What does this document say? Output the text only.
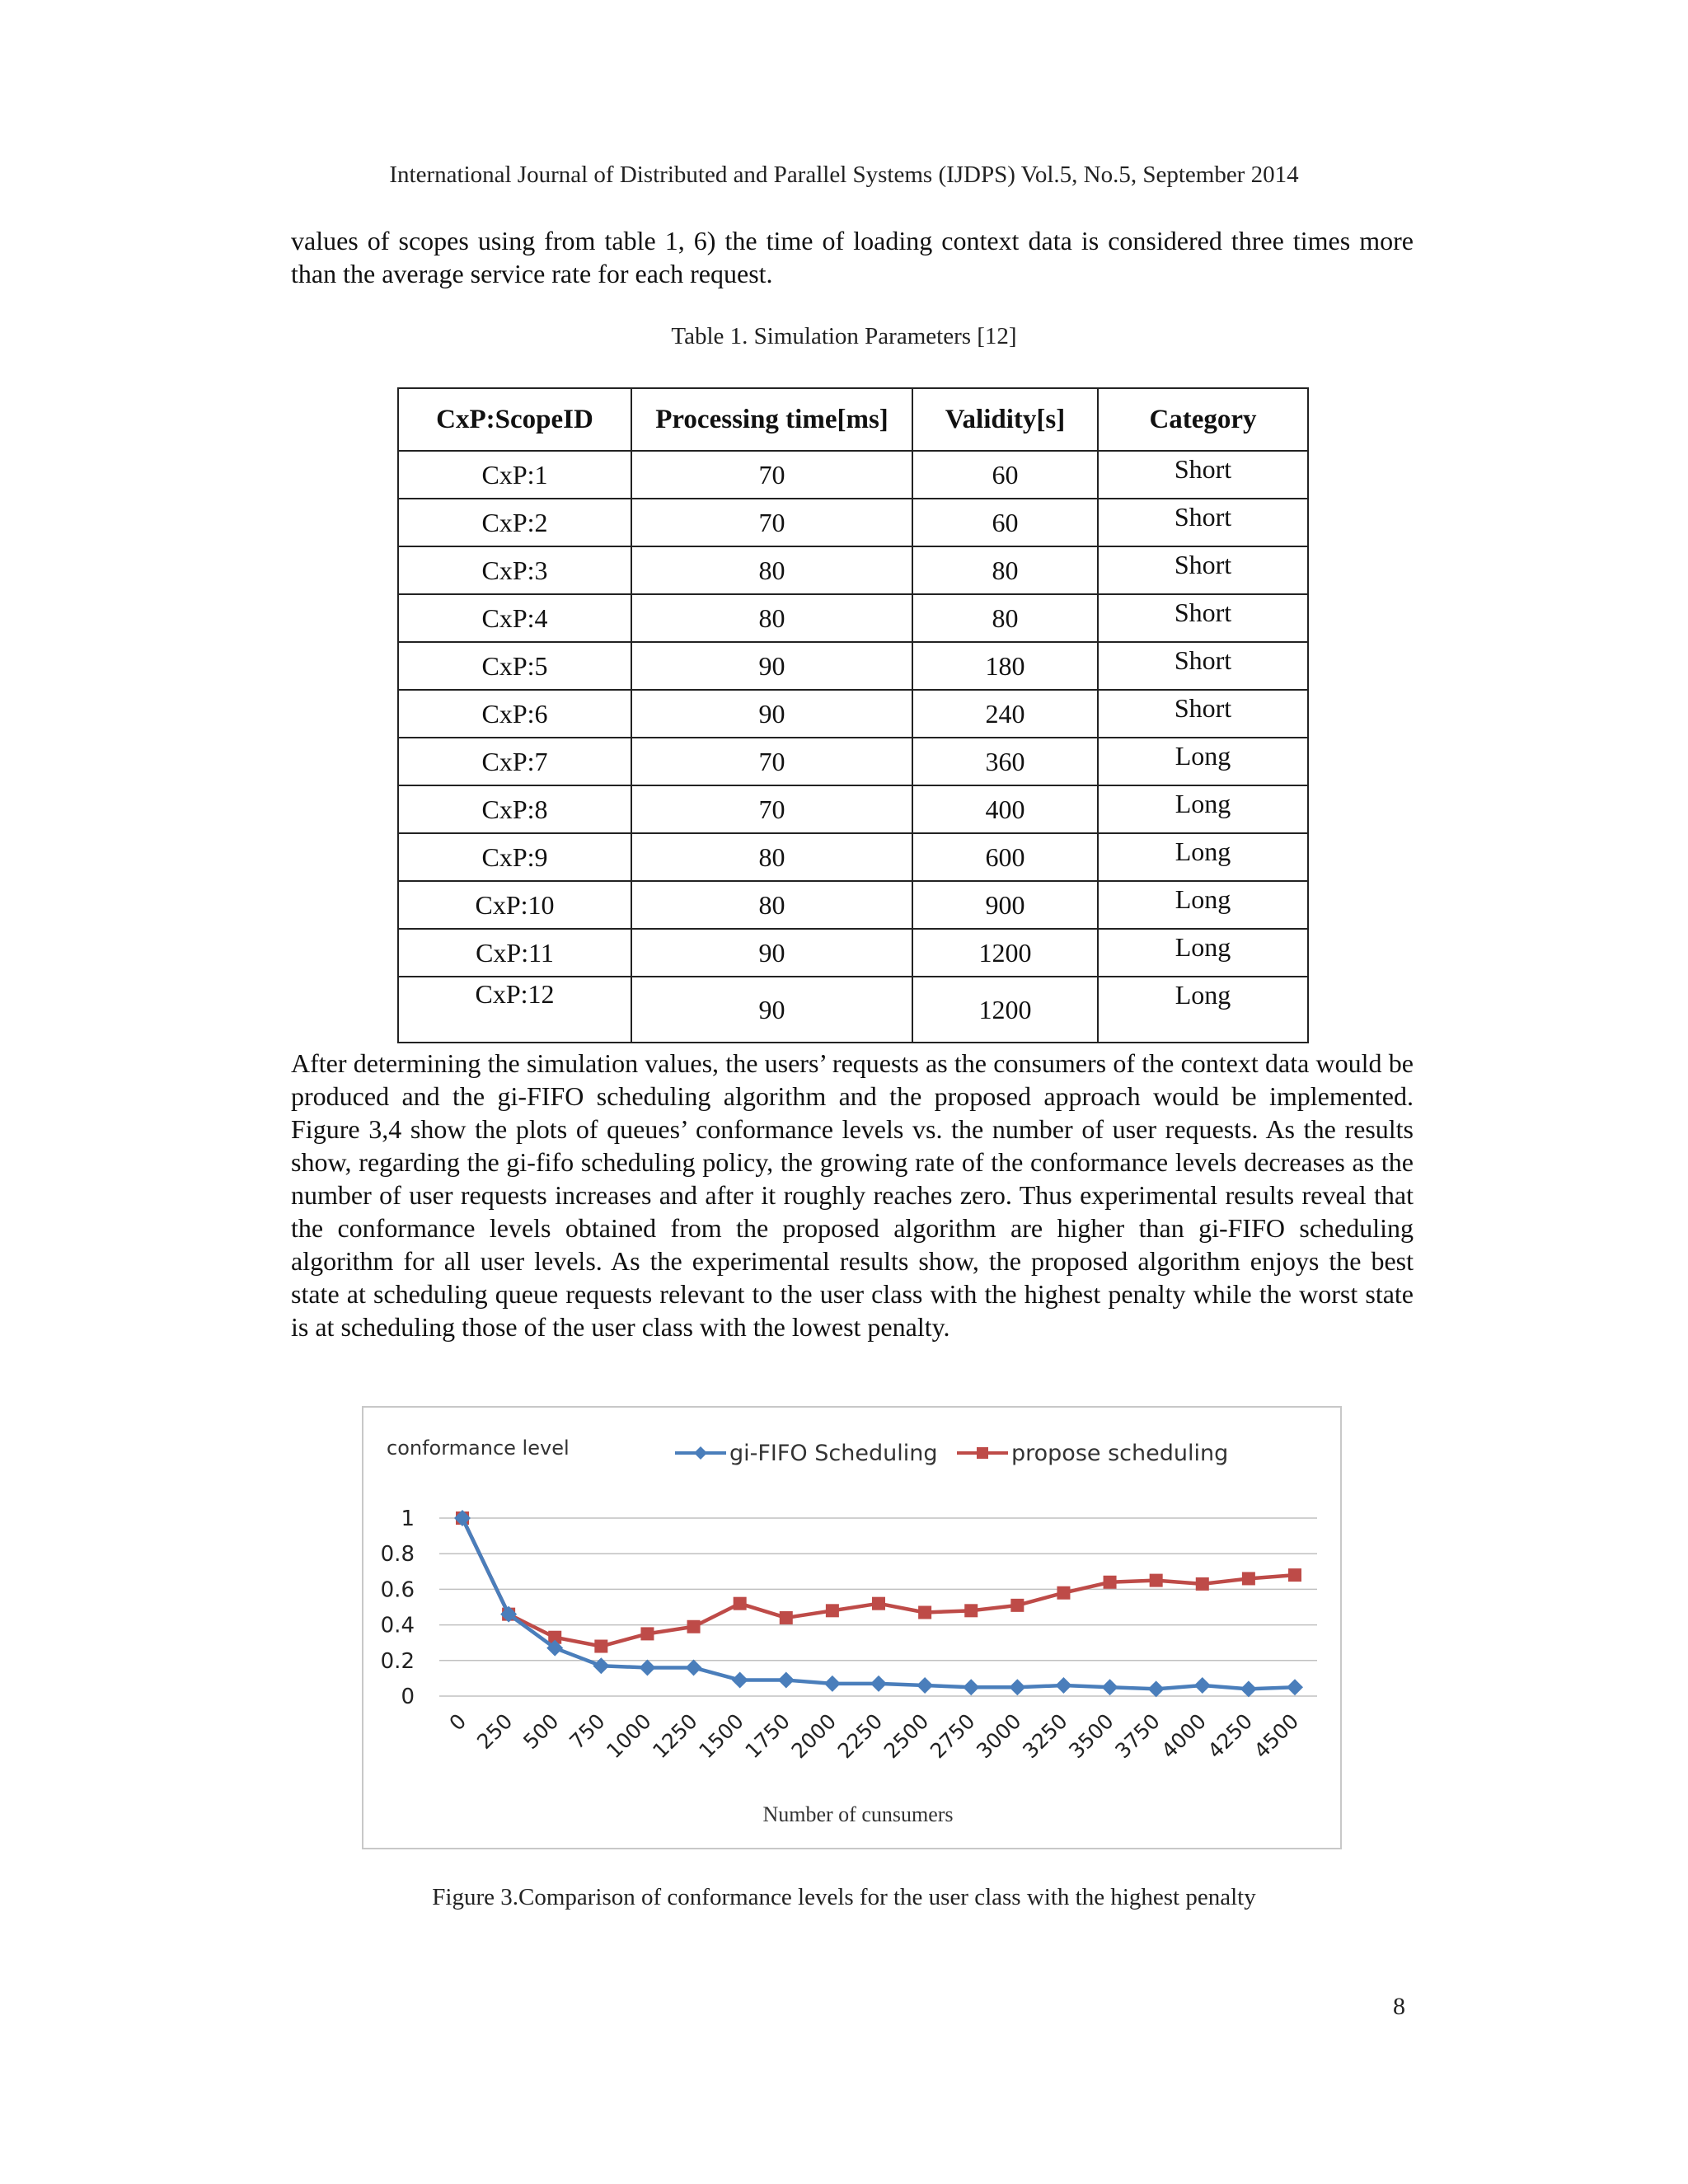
International Journal of Distributed and Parallel Systems (IJDPS) Vol.5, No.5, September 2014

values of scopes using from table 1, 6) the time of loading context data is considered three times more than the average service rate for each request.

Table 1. Simulation Parameters [12]
CxP:ScopeID	Processing time[ms]	Validity[s]	Category
CxP:1	70	60	Short
CxP:2	70	60	Short
CxP:3	80	80	Short
CxP:4	80	80	Short
CxP:5	90	180	Short
CxP:6	90	240	Short
CxP:7	70	360	Long
CxP:8	70	400	Long
CxP:9	80	600	Long
CxP:10	80	900	Long
CxP:11	90	1200	Long
CxP:12	90	1200	Long

After determining the simulation values, the users’ requests as the consumers of the context data would be produced and the gi-FIFO scheduling algorithm and the proposed approach would be implemented. Figure 3,4 show the plots of queues’ conformance levels vs. the number of user requests. As the results show, regarding the gi-fifo scheduling policy, the growing rate of the conformance levels decreases as the number of user requests increases and after it roughly reaches zero. Thus experimental results reveal that the conformance levels obtained from the proposed algorithm are higher than gi-FIFO scheduling algorithm for all user levels. As the experimental results show, the proposed algorithm enjoys the best state at scheduling queue requests relevant to the user class with the highest penalty while the worst state is at scheduling those of the user class with the lowest penalty.

conformance level
0
0.2
0.4
0.6
0.8
1
0 250 500 750
1000
1250
1500
1750
2000
2250
2500
2750
3000
3250
3500
3750
4000
4250
4500
Number of cunsumers
gi-FIFO Scheduling	propose scheduling
Figure 3.Comparison of conformance levels for the user class with the highest penalty
8
